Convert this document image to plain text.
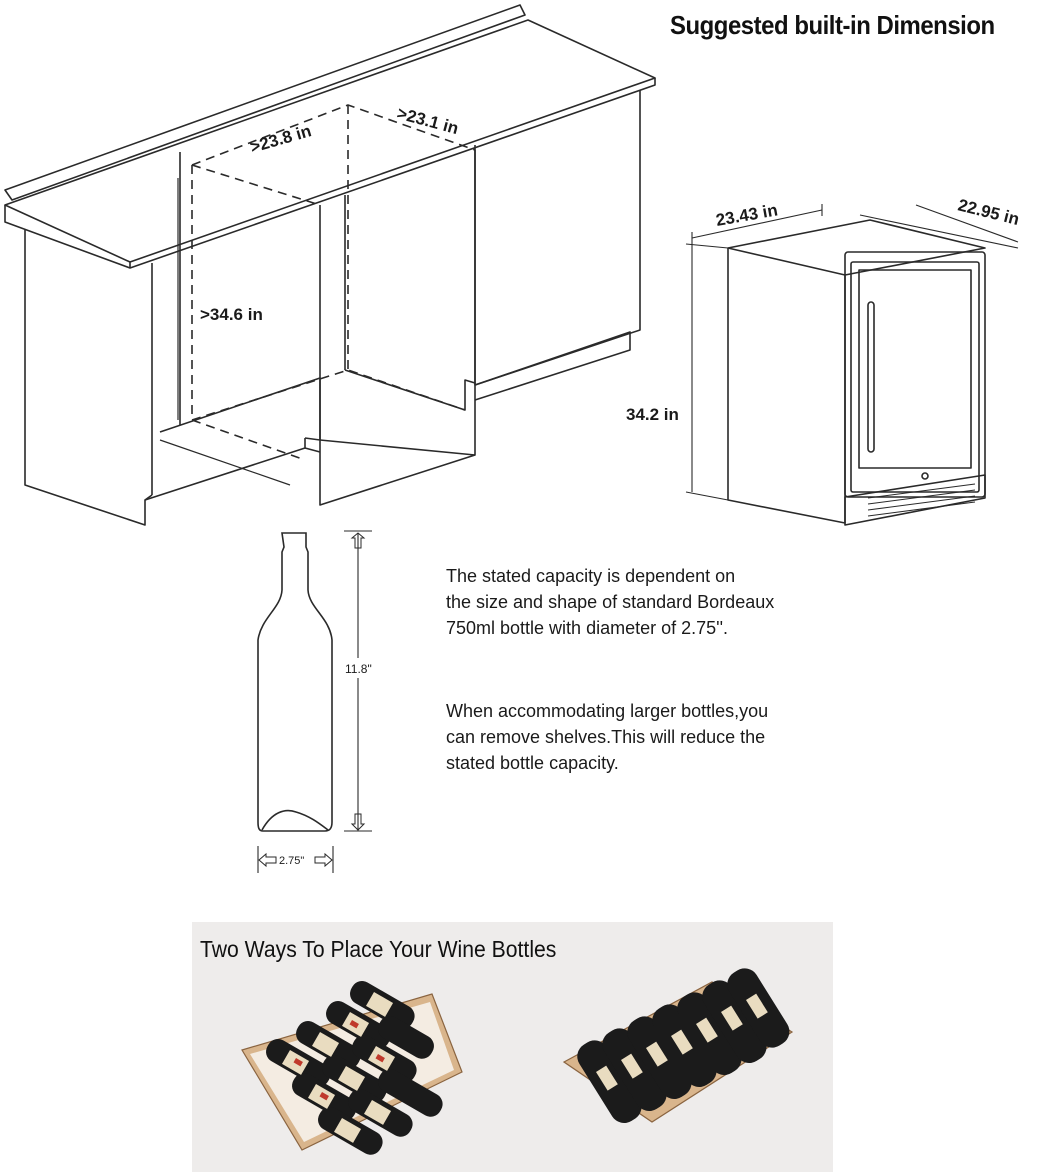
Suggested built-in Dimension
>23.8 in
>23.1 in
>34.6 in
23.43 in	22.95 in
34.2 in
11.8"
2.75"
The stated capacity is dependent on
the size and shape of standard Bordeaux
750ml bottle with diameter of 2.75''.
When accommodating larger bottles,you
can remove shelves.This will reduce the
stated bottle capacity.
Two Ways To Place Your Wine Bottles
